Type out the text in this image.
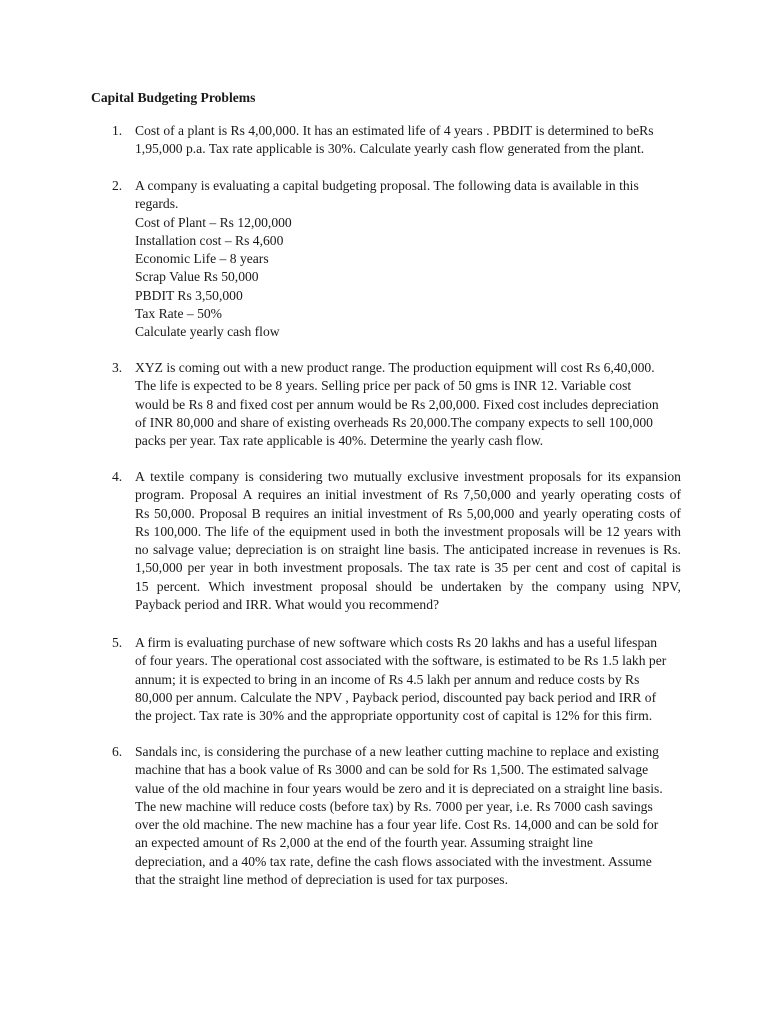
Capital Budgeting Problems
1. Cost of a plant is Rs 4,00,000. It has an estimated life of 4 years . PBDIT is determined to beRs
1,95,000 p.a. Tax rate applicable is 30%. Calculate yearly cash flow generated from the plant.
2. A company is evaluating a capital budgeting proposal. The following data is available in this
regards.
Cost of Plant – Rs 12,00,000
Installation cost – Rs 4,600
Economic Life – 8 years
Scrap Value Rs 50,000
PBDIT Rs 3,50,000
Tax Rate – 50%
Calculate yearly cash flow
3. XYZ is coming out with a new product range. The production equipment will cost Rs 6,40,000.
The life is expected to be 8 years. Selling price per pack of 50 gms is INR 12. Variable cost
would be Rs 8 and fixed cost per annum would be Rs 2,00,000. Fixed cost includes depreciation
of INR 80,000 and share of existing overheads Rs 20,000.The company expects to sell 100,000
packs per year. Tax rate applicable is 40%. Determine the yearly cash flow.
4. A textile company is considering two mutually exclusive investment proposals for its expansion
program. Proposal A requires an initial investment of Rs 7,50,000 and yearly operating costs of
Rs 50,000. Proposal B requires an initial investment of Rs 5,00,000 and yearly operating costs of
Rs 100,000. The life of the equipment used in both the investment proposals will be 12 years with
no salvage value; depreciation is on straight line basis. The anticipated increase in revenues is Rs.
1,50,000 per year in both investment proposals. The tax rate is 35 per cent and cost of capital is
15 percent. Which investment proposal should be undertaken by the company using NPV,
Payback period and IRR. What would you recommend?
5. A firm is evaluating purchase of new software which costs Rs 20 lakhs and has a useful lifespan
of four years. The operational cost associated with the software, is estimated to be Rs 1.5 lakh per
annum; it is expected to bring in an income of Rs 4.5 lakh per annum and reduce costs by Rs
80,000 per annum. Calculate the NPV , Payback period, discounted pay back period and IRR of
the project. Tax rate is 30% and the appropriate opportunity cost of capital is 12% for this firm.
6. Sandals inc, is considering the purchase of a new leather cutting machine to replace and existing
machine that has a book value of Rs 3000 and can be sold for Rs 1,500. The estimated salvage
value of the old machine in four years would be zero and it is depreciated on a straight line basis.
The new machine will reduce costs (before tax) by Rs. 7000 per year, i.e. Rs 7000 cash savings
over the old machine. The new machine has a four year life. Cost Rs. 14,000 and can be sold for
an expected amount of Rs 2,000 at the end of the fourth year. Assuming straight line
depreciation, and a 40% tax rate, define the cash flows associated with the investment. Assume
that the straight line method of depreciation is used for tax purposes.
